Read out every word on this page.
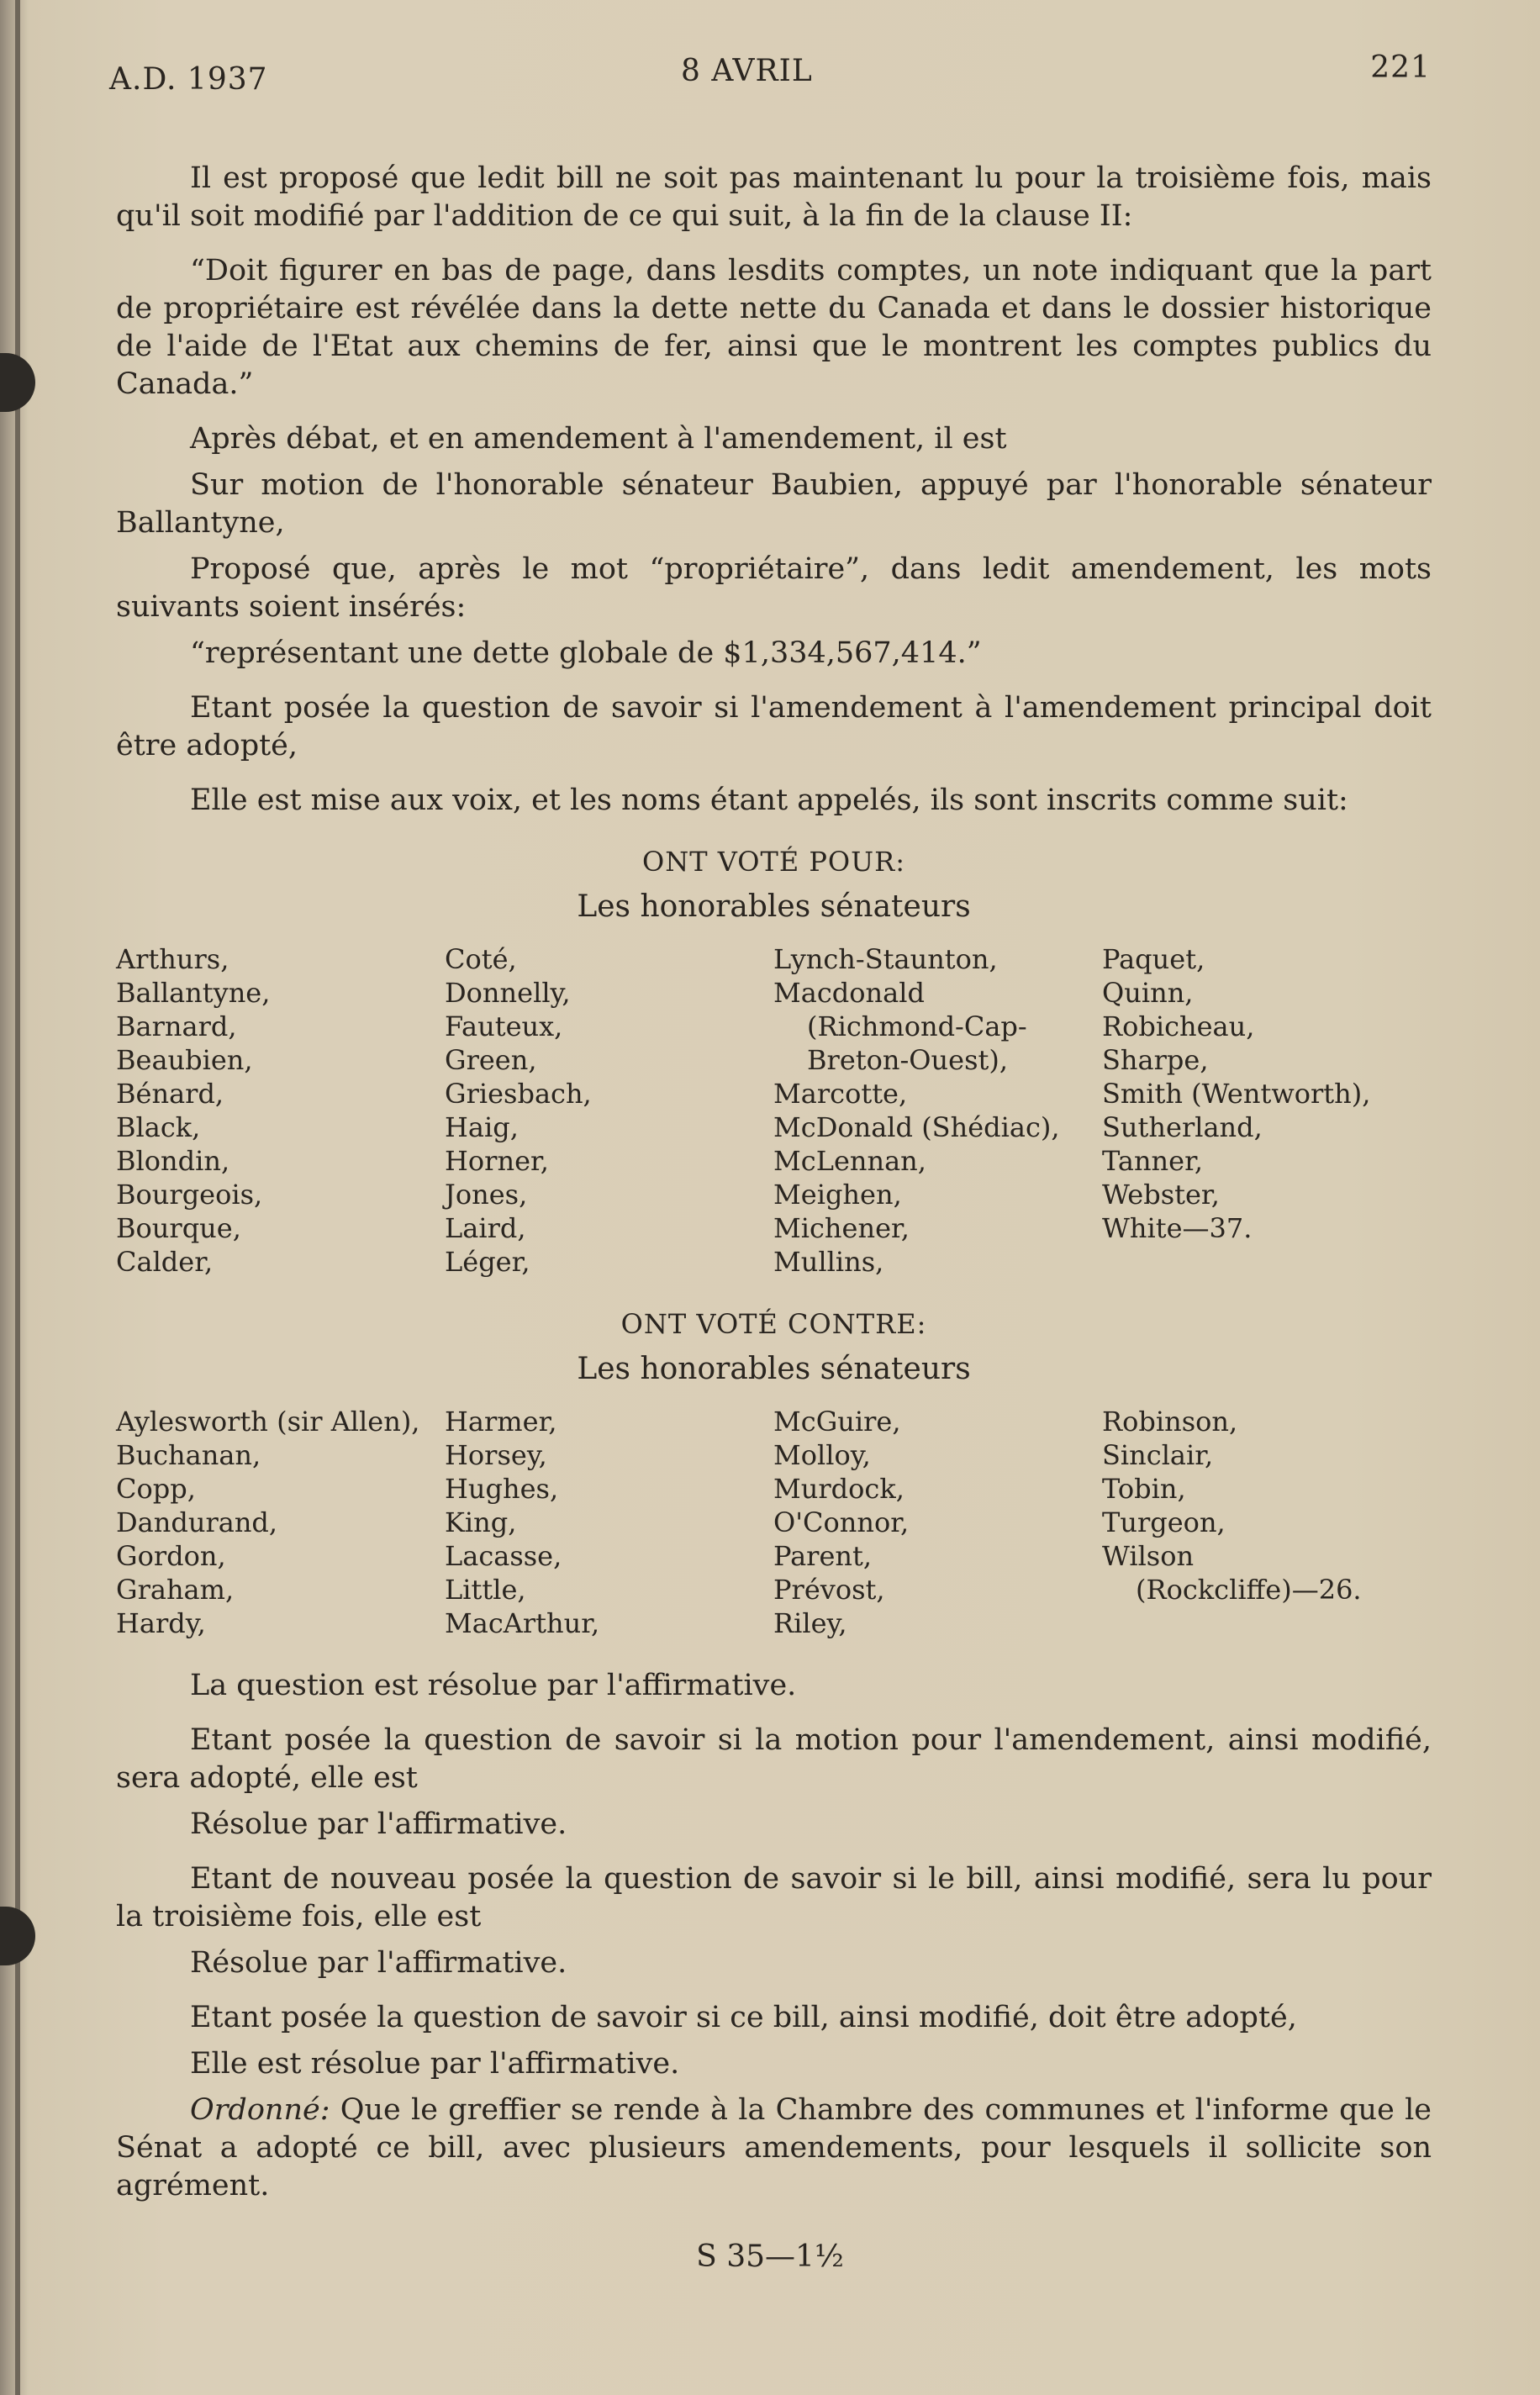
A.D. 1937	8 AVRIL	221

Il est proposé que ledit bill ne soit pas maintenant lu pour la troisième fois, mais qu'il soit modifié par l'addition de ce qui suit, à la fin de la clause II:

“Doit figurer en bas de page, dans lesdits comptes, un note indiquant que la part de propriétaire est révélée dans la dette nette du Canada et dans le dossier historique de l'aide de l'Etat aux chemins de fer, ainsi que le montrent les comptes publics du Canada.”

Après débat, et en amendement à l'amendement, il est

Sur motion de l'honorable sénateur Baubien, appuyé par l'honorable sénateur Ballantyne,

Proposé que, après le mot “propriétaire”, dans ledit amendement, les mots suivants soient insérés:

“représentant une dette globale de $1,334,567,414.”

Etant posée la question de savoir si l'amendement à l'amendement principal doit être adopté,

Elle est mise aux voix, et les noms étant appelés, ils sont inscrits comme suit:

ONT VOTÉ POUR:
Les honorables sénateurs
Arthurs,
Ballantyne,
Barnard,
Beaubien,
Bénard,
Black,
Blondin,
Bourgeois,
Bourque,
Calder,
Coté,
Donnelly,
Fauteux,
Green,
Griesbach,
Haig,
Horner,
Jones,
Laird,
Léger,
Lynch-Staunton,
Macdonald
(Richmond-Cap-
Breton-Ouest),
Marcotte,
McDonald (Shédiac),
McLennan,
Meighen,
Michener,
Mullins,
Paquet,
Quinn,
Robicheau,
Sharpe,
Smith (Wentworth),
Sutherland,
Tanner,
Webster,
White—37.
ONT VOTÉ CONTRE:
Les honorables sénateurs
Aylesworth (sir Allen),
Buchanan,
Copp,
Dandurand,
Gordon,
Graham,
Hardy,
Harmer,
Horsey,
Hughes,
King,
Lacasse,
Little,
MacArthur,
McGuire,
Molloy,
Murdock,
O'Connor,
Parent,
Prévost,
Riley,
Robinson,
Sinclair,
Tobin,
Turgeon,
Wilson
(Rockcliffe)—26.

La question est résolue par l'affirmative.

Etant posée la question de savoir si la motion pour l'amendement, ainsi modifié, sera adopté, elle est

Résolue par l'affirmative.

Etant de nouveau posée la question de savoir si le bill, ainsi modifié, sera lu pour la troisième fois, elle est

Résolue par l'affirmative.

Etant posée la question de savoir si ce bill, ainsi modifié, doit être adopté,

Elle est résolue par l'affirmative.

Ordonné: Que le greffier se rende à la Chambre des communes et l'informe que le Sénat a adopté ce bill, avec plusieurs amendements, pour lesquels il sollicite son agrément.

S 35—1½
